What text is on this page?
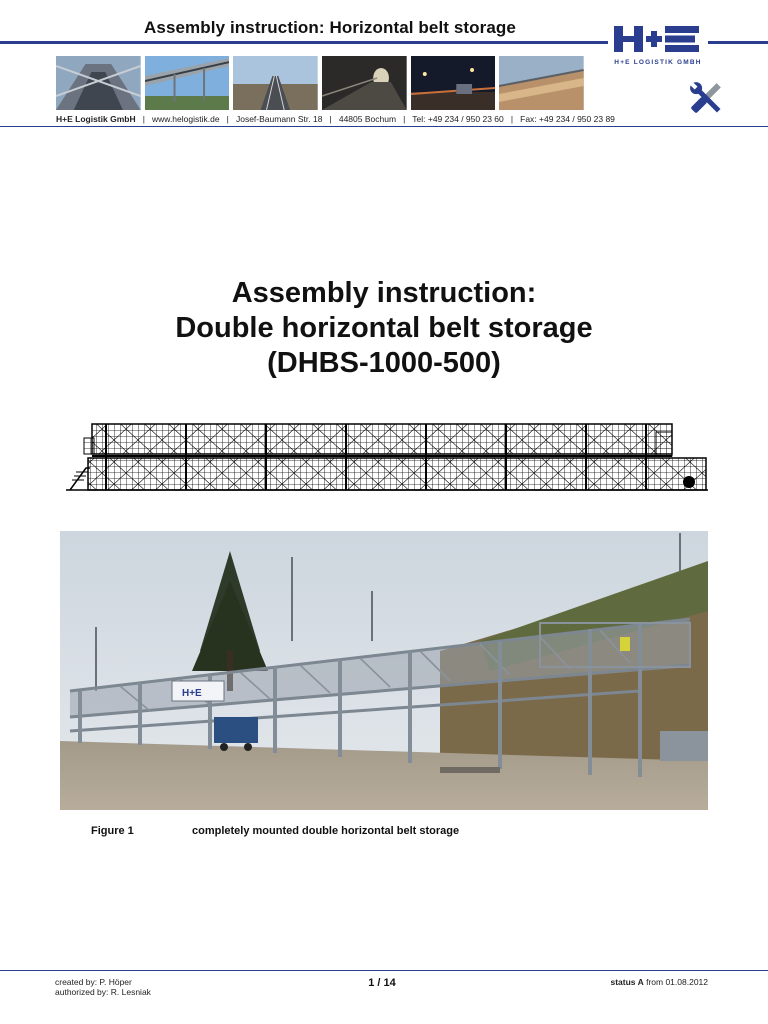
Assembly instruction: Horizontal belt storage
H+E LOGISTIK GMBH
H+E Logistik GmbH | www.helogistik.de | Josef-Baumann Str. 18 | 44805 Bochum | Tel: +49 234 / 950 23 60 | Fax: +49 234 / 950 23 89
Assembly instruction:
Double horizontal belt storage
(DHBS-1000-500)
H+E
Figure 1	completely mounted double horizontal belt storage
created by: P. Höper
authorized by: R. Lesniak
1 / 14	status A from 01.08.2012
